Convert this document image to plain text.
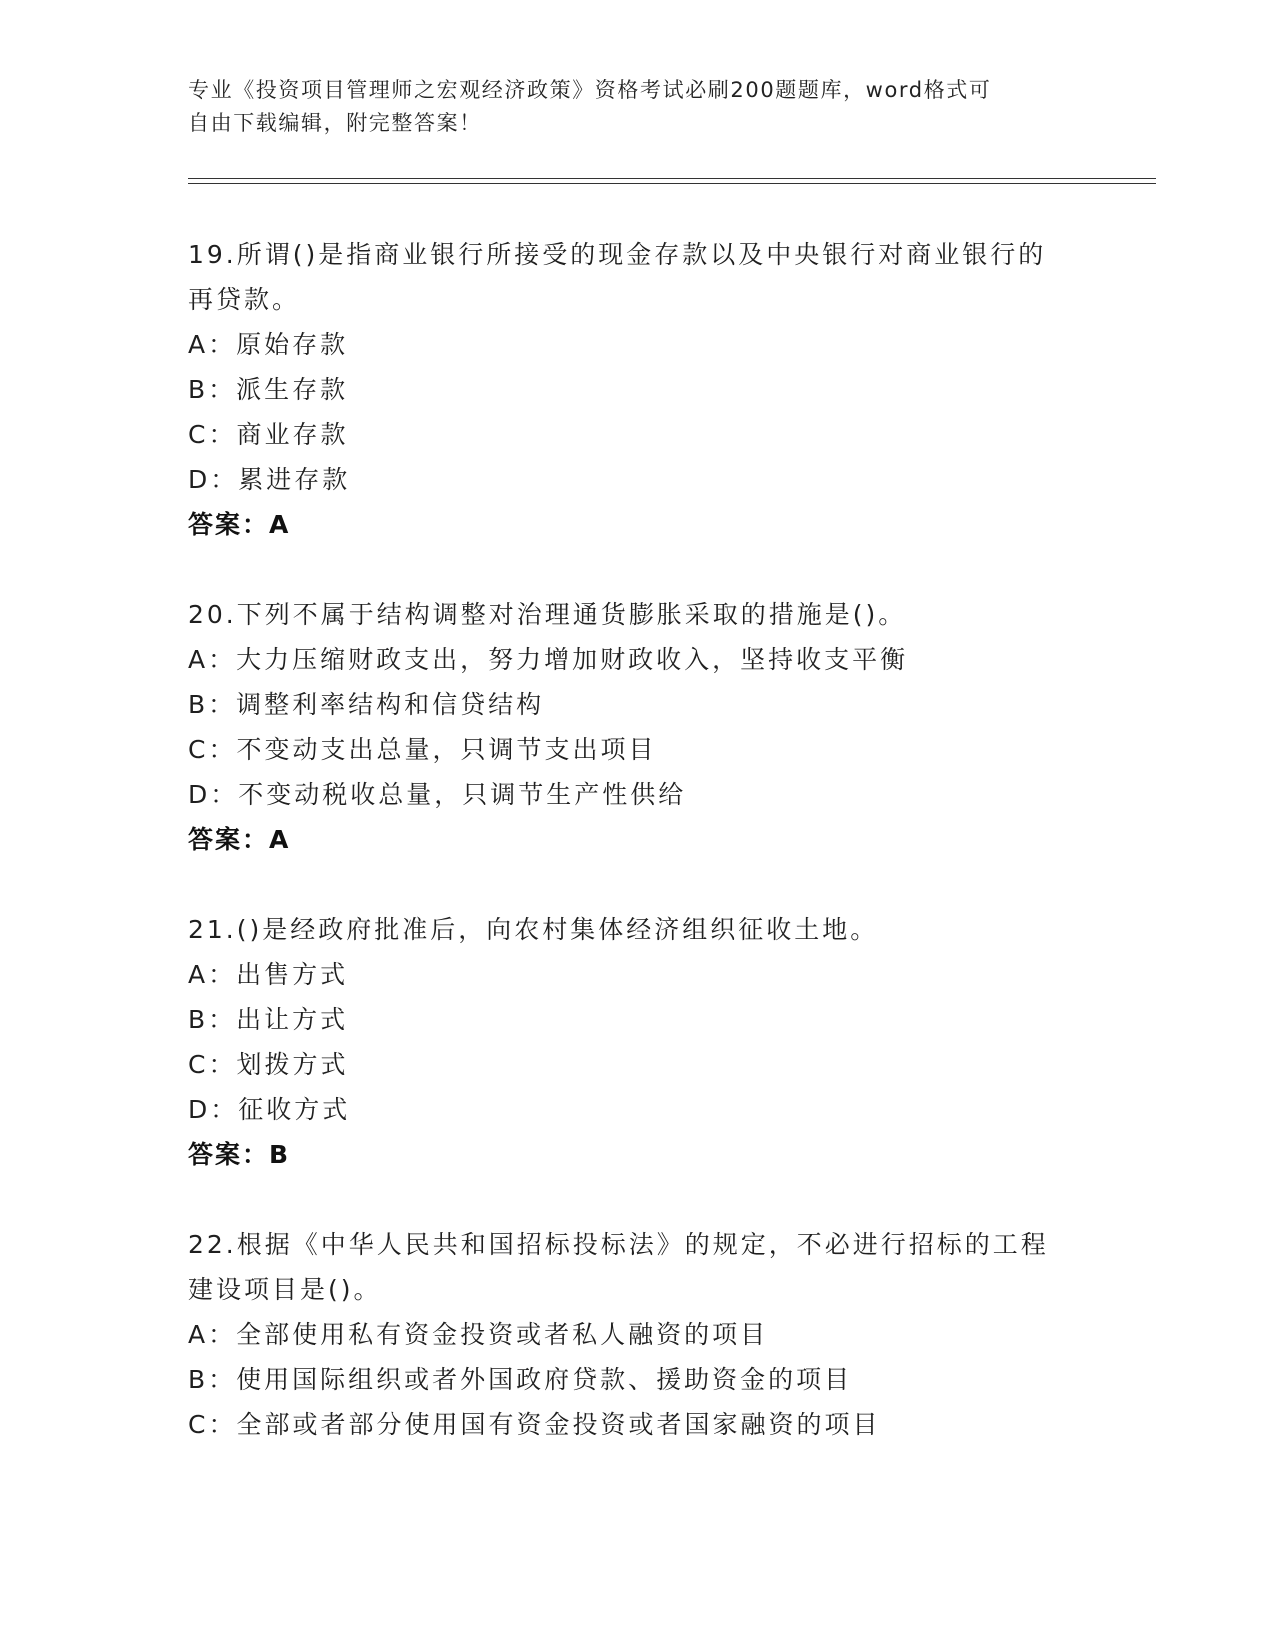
专业《投资项目管理师之宏观经济政策》资格考试必刷200题题库，word格式可
自由下载编辑，附完整答案！
19.所谓()是指商业银行所接受的现金存款以及中央银行对商业银行的
再贷款。
A：原始存款
B：派生存款
C：商业存款
D：累进存款
答案：A
20.下列不属于结构调整对治理通货膨胀采取的措施是()。
A：大力压缩财政支出，努力增加财政收入，坚持收支平衡
B：调整利率结构和信贷结构
C：不变动支出总量，只调节支出项目
D：不变动税收总量，只调节生产性供给
答案：A
21.()是经政府批准后，向农村集体经济组织征收土地。
A：出售方式
B：出让方式
C：划拨方式
D：征收方式
答案：B
22.根据《中华人民共和国招标投标法》的规定，不必进行招标的工程
建设项目是()。
A：全部使用私有资金投资或者私人融资的项目
B：使用国际组织或者外国政府贷款、援助资金的项目
C：全部或者部分使用国有资金投资或者国家融资的项目
